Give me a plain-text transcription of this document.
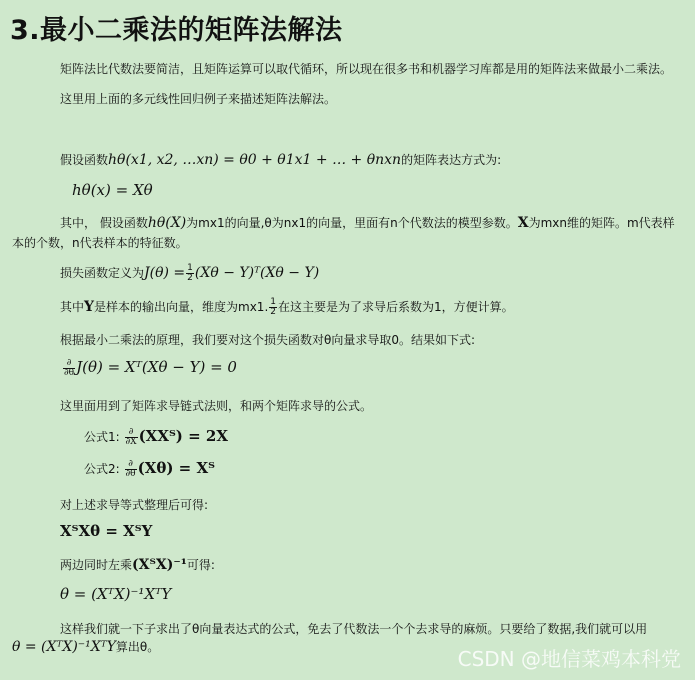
3.最小二乘法的矩阵法解法
矩阵法比代数法要简洁，且矩阵运算可以取代循环，所以现在很多书和机器学习库都是用的矩阵法来做最小二乘法。
这里用上面的多元线性回归例子来描述矩阵法解法。
假设函数hθ(x1, x2, …xn) = θ0 + θ1x1 + … + θnxn的矩阵表达方式为:
hθ(x) = Xθ
其中， 假设函数hθ(X)为mx1的向量,θ为nx1的向量，里面有n个代数法的模型参数。X为mxn维的矩阵。m代表样
本的个数，n代表样本的特征数。
损失函数定义为$J(\theta) = \frac{1}{2} (X\theta$ − Y)ᵀ(Xθ − Y)
其中Y是样本的输出向量，维度为mx1. $\frac{1}{2}$ 在这主要是为了求导后系数为1，方便计算。
根据最小二乘法的原理，我们要对这个损失函数对θ向量求导取0。结果如下式:
$\frac{\partial}{\partial\theta} J(\theta)$ = Xᵀ(Xθ − Y) = 0
这里面用到了矩阵求导链式法则，和两个矩阵求导的公式。
公式1: $\frac{\partial}{\partial X}$ (XXᵀ) = 2X
公式2: $\frac{\partial}{\partial\theta} (X\theta)$ = Xᵀ
对上述求导等式整理后可得:
XᵀXθ = XᵀY
两边同时左乘(XᵀX)⁻¹可得:
θ = (XᵀX)⁻¹XᵀY
这样我们就一下子求出了θ向量表达式的公式，免去了代数法一个个去求导的麻烦。只要给了数据,我们就可以用
θ = (XᵀX)⁻¹XᵀY算出θ。	CSDN @地信菜鸡本科党
